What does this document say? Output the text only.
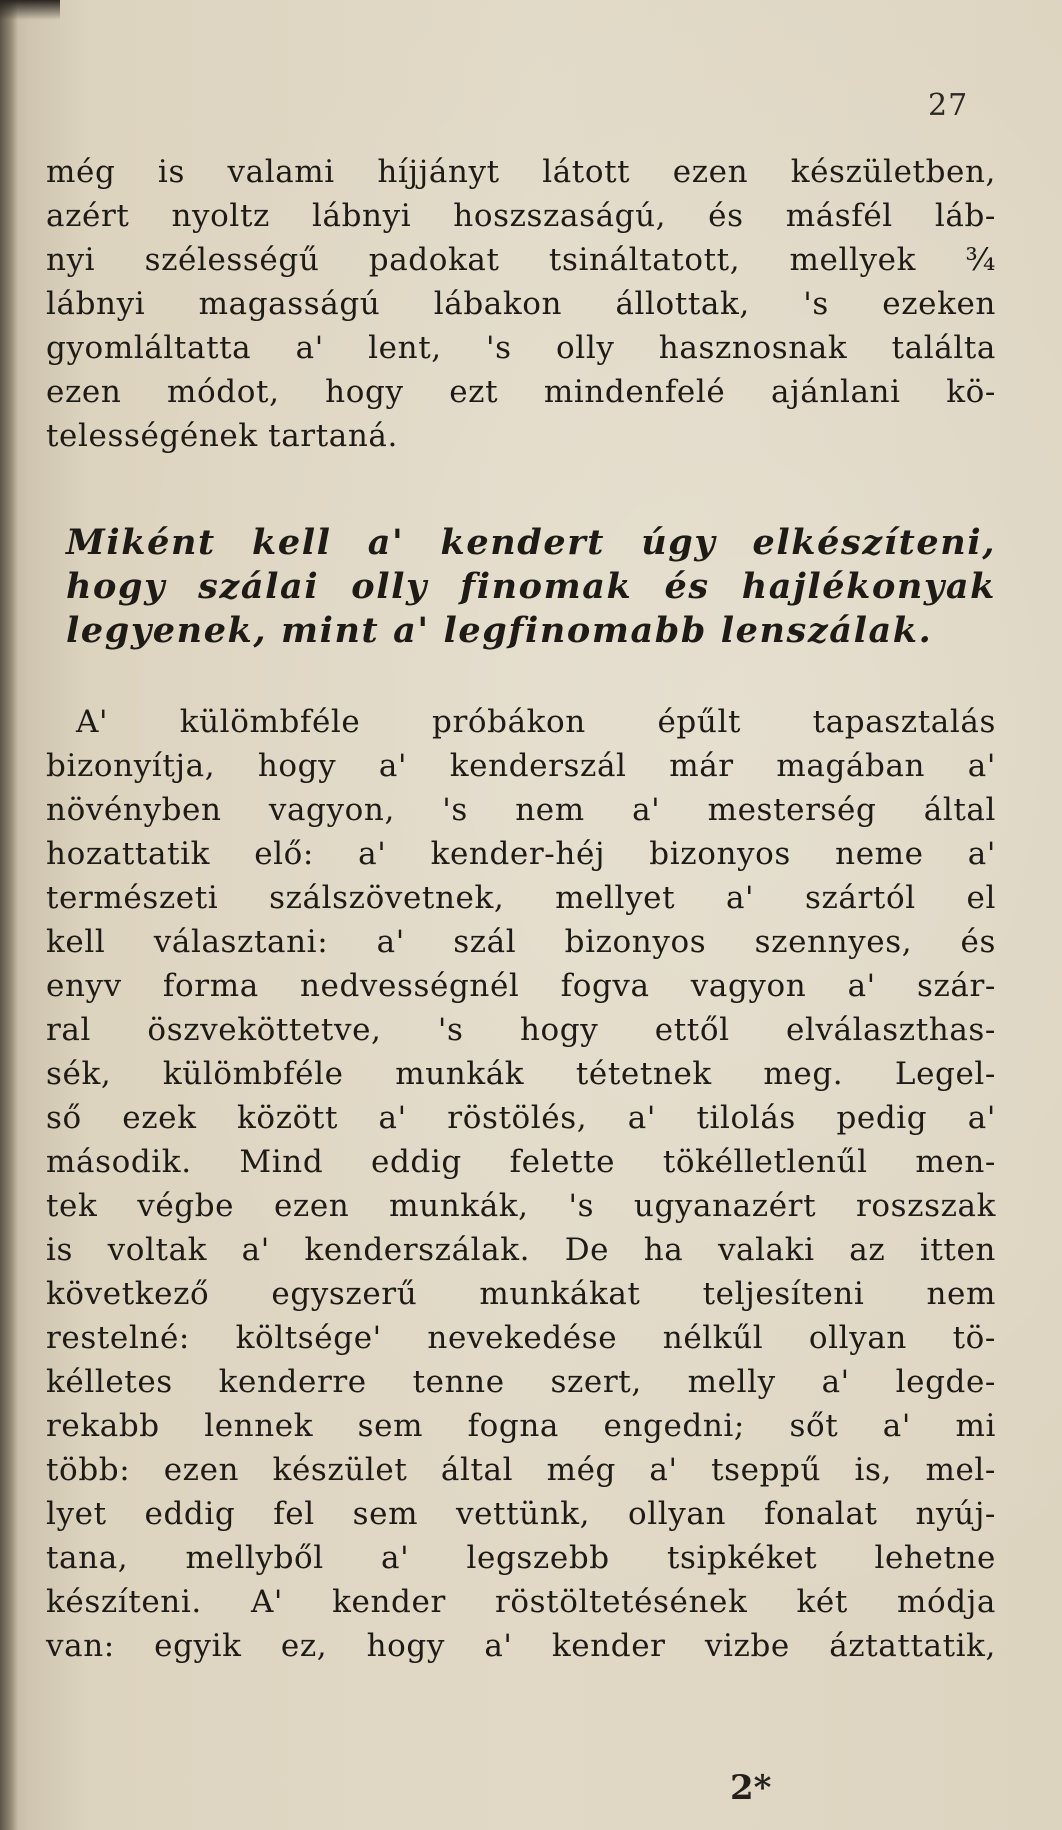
27
még is valami híjjányt látott ezen készületben,
azért nyoltz lábnyi hoszszaságú, és másfél láb-
nyi szélességű padokat tsináltatott, mellyek ¾
lábnyi magasságú lábakon állottak, 's ezeken
gyomláltatta a' lent, 's olly hasznosnak találta
ezen módot, hogy ezt mindenfelé ajánlani kö-
telességének tartaná.
Miként kell a' kendert úgy elkészíteni,
hogy szálai olly finomak és hajlékonyak
legyenek, mint a' legfinomabb lenszálak.
A' külömbféle próbákon épűlt tapasztalás
bizonyítja, hogy a' kenderszál már magában a'
növényben vagyon, 's nem a' mesterség által
hozattatik elő: a' kender-héj bizonyos neme a'
természeti szálszövetnek, mellyet a' szártól el
kell választani: a' szál bizonyos szennyes, és
enyv forma nedvességnél fogva vagyon a' szár-
ral öszveköttetve, 's hogy ettől elválaszthas-
sék, külömbféle munkák tétetnek meg. Legel-
ső ezek között a' röstölés, a' tilolás pedig a'
második. Mind eddig felette tökélletlenűl men-
tek végbe ezen munkák, 's ugyanazért roszszak
is voltak a' kenderszálak. De ha valaki az itten
következő egyszerű munkákat teljesíteni nem
restelné: költsége' nevekedése nélkűl ollyan tö-
kélletes kenderre tenne szert, melly a' legde-
rekabb lennek sem fogna engedni; sőt a' mi
több: ezen készület által még a' tseppű is, mel-
lyet eddig fel sem vettünk, ollyan fonalat nyúj-
tana, mellyből a' legszebb tsipkéket lehetne
készíteni. A' kender röstöltetésének két módja
van: egyik ez, hogy a' kender vizbe áztattatik,
2*
